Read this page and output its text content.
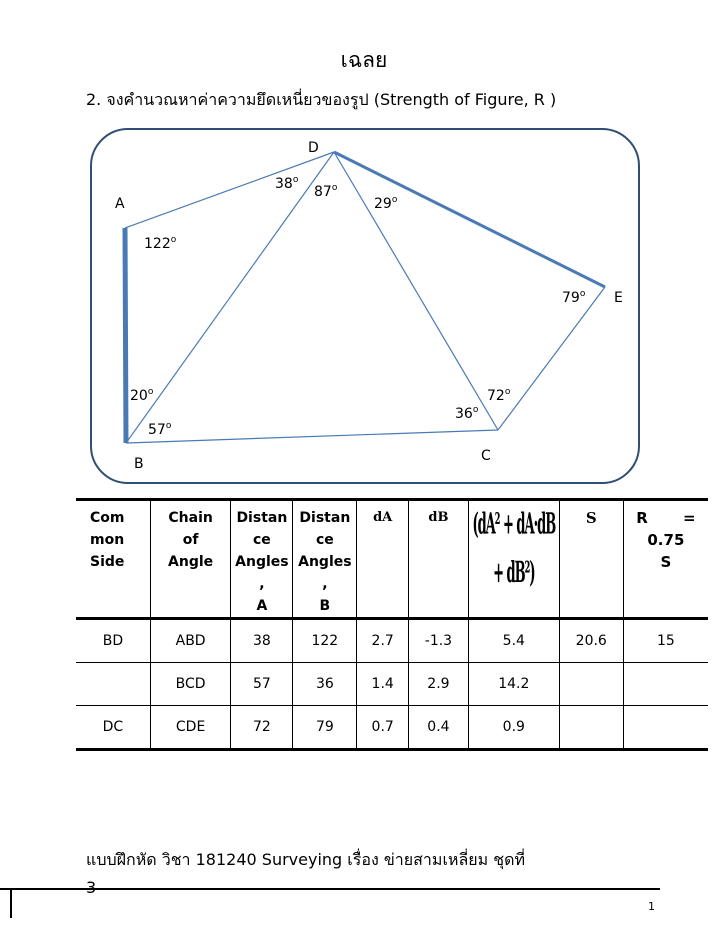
เฉลย
2. จงคำนวณหาค่าความยึดเหนี่ยวของรูป (Strength of Figure, R )
D
A
E
B	C
38$^o$
87$^o$
29$^o$
122$^o$
79$^o$
20$^o$
57$^o$
72$^o$
36$^o$
Com mon Side	Chain of Angle	Distan ce Angles , A	Distan ce Angles , B	dA	dB	(dA² + dA·dB + dB²)	S	R = 0.75 S
BD	ABD	38	122	2.7	-1.3	5.4	20.6	15
	BCD	57	36	1.4	2.9	14.2		
DC	CDE	72	79	0.7	0.4	0.9		
แบบฝึกหัด วิชา 181240 Surveying เรื่อง ข่ายสามเหลี่ยม ชุดที่
3
1
